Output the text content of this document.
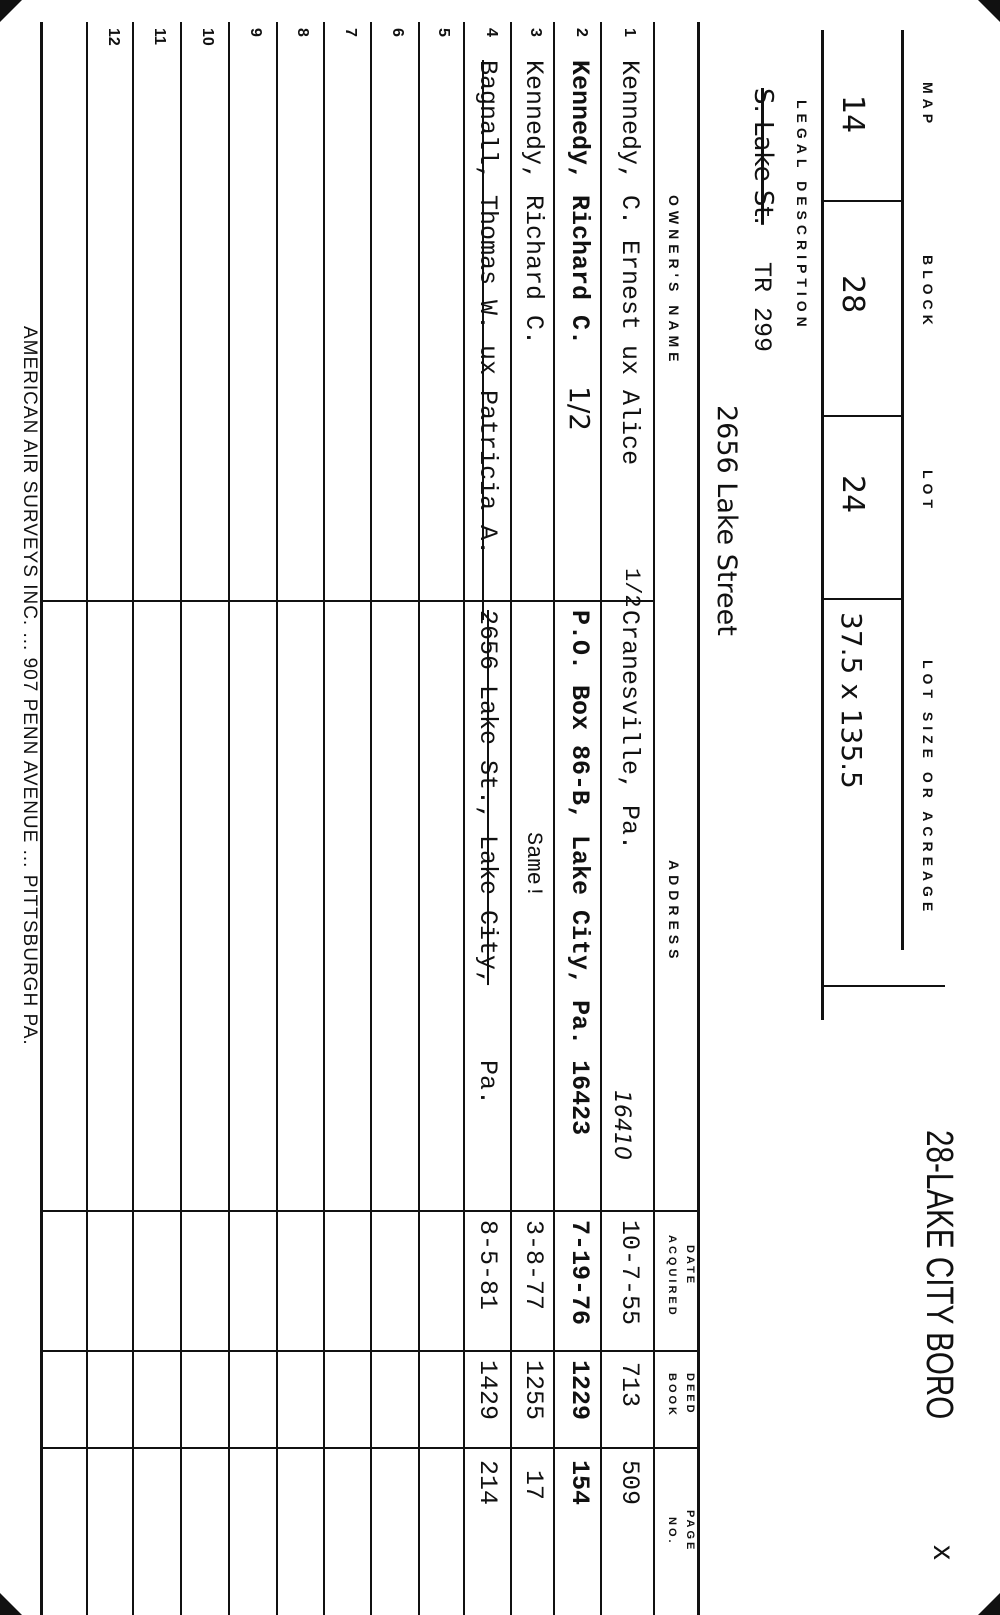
MAP
BLOCK
LOT
LOT SIZE OR ACREAGE
14
28
24
37.5 x 135.5
28-LAKE CITY BORO
x
LEGAL DESCRIPTION
S. Lake St.
TR 299
2656 Lake Street
OWNER'S NAME
ADDRESS
DATE
ACQUIRED
DEED
BOOK
PAGE
NO.
1
2
3
4
5
6
7
8
9
10
11
12
Kennedy, C. Ernest ux Alice
1/2
Cranesville, Pa.
16410
10-7-55
713
509
Kennedy, Richard C.
1/2
P.O. Box 86-B, Lake City, Pa. 16423
7-19-76
1229
154
Kennedy, Richard C.
Same!
3-8-77
1255
17
Bagnall, Thomas W. ux Patricia A.
2656 Lake St., Lake City,
Pa.
8-5-81
1429
214
AMERICAN AIR SURVEYS INC. ... 907 PENN AVENUE ... PITTSBURGH PA.
